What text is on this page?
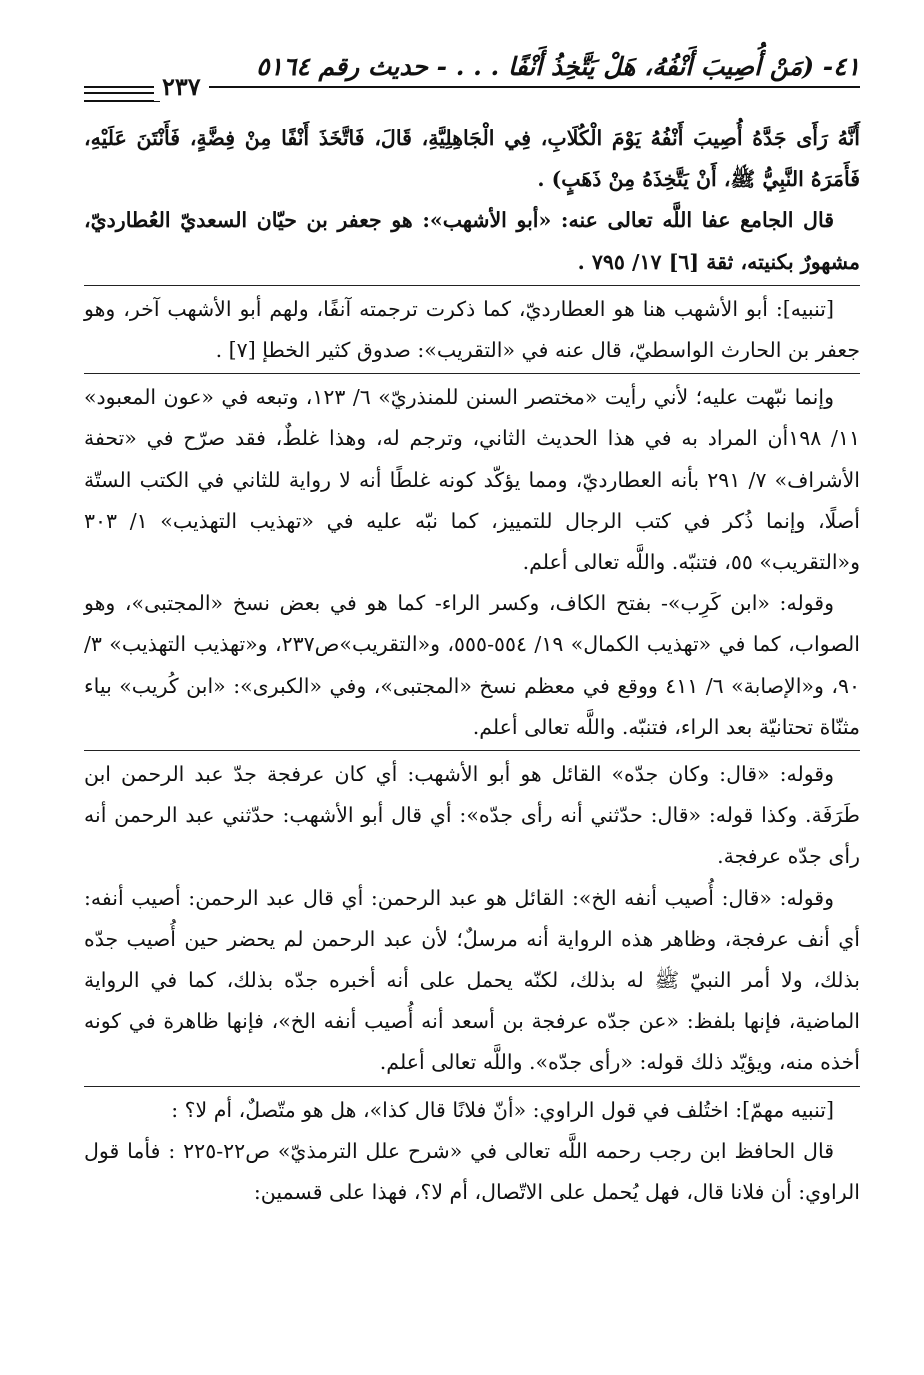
٤١- (مَنْ أُصِيبَ أَنْفُهُ، هَلْ يَتَّخِذُ أَنْفًا . . . - حديث رقم ٥١٦٤
٢٣٧

أَنَّهُ رَأَى جَدَّهُ أُصِيبَ أَنْفُهُ يَوْمَ الْكُلَابِ، فِي الْجَاهِلِيَّةِ، قَالَ، فَاتَّخَذَ أَنْفًا مِنْ فِضَّةٍ، فَأَنْتَنَ عَلَيْهِ، فَأَمَرَهُ النَّبِيُّ ﷺ، أَنْ يَتَّخِذَهُ مِنْ ذَهَبٍ) .

قال الجامع عفا اللَّه تعالى عنه: «أبو الأشهب»: هو جعفر بن حيّان السعديّ العُطارديّ، مشهورٌ بكنيته، ثقة [٦] ١٧/ ٧٩٥ .

[تنبيه]: أبو الأشهب هنا هو العطارديّ، كما ذكرت ترجمته آنفًا، ولهم أبو الأشهب آخر، وهو جعفر بن الحارث الواسطيّ، قال عنه في «التقريب»: صدوق كثير الخطإ [٧] .

وإنما نبّهت عليه؛ لأني رأيت «مختصر السنن للمنذريّ» ٦/ ١٢٣، وتبعه في «عون المعبود» ١١/ ١٩٨أن المراد به في هذا الحديث الثاني، وترجم له، وهذا غلطٌ، فقد صرّح في «تحفة الأشراف» ٧/ ٢٩١ بأنه العطارديّ، ومما يؤكّد كونه غلطًا أنه لا رواية للثاني في الكتب الستّة أصلًا، وإنما ذُكر في كتب الرجال للتمييز، كما نبّه عليه في «تهذيب التهذيب» ١/ ٣٠٣ و«التقريب» ٥٥، فتنبّه. واللَّه تعالى أعلم.

وقوله: «ابن كَرِب»- بفتح الكاف، وكسر الراء- كما هو في بعض نسخ «المجتبى»، وهو الصواب، كما في «تهذيب الكمال» ١٩/ ٥٥٤-٥٥٥، و«التقريب»ص٢٣٧، و«تهذيب التهذيب» ٣/ ٩٠، و«الإصابة» ٦/ ٤١١ ووقع في معظم نسخ «المجتبى»، وفي «الكبرى»: «ابن كُريب» بياء مثنّاة تحتانيّة بعد الراء، فتنبّه. واللَّه تعالى أعلم.

وقوله: «قال: وكان جدّه» القائل هو أبو الأشهب: أي كان عرفجة جدّ عبد الرحمن ابن طَرَفَة. وكذا قوله: «قال: حدّثني أنه رأى جدّه»: أي قال أبو الأشهب: حدّثني عبد الرحمن أنه رأى جدّه عرفجة.

وقوله: «قال: أُصيب أنفه الخ»: القائل هو عبد الرحمن: أي قال عبد الرحمن: أصيب أنفه: أي أنف عرفجة، وظاهر هذه الرواية أنه مرسلٌ؛ لأن عبد الرحمن لم يحضر حين أُصيب جدّه بذلك، ولا أمر النبيّ ﷺ له بذلك، لكنّه يحمل على أنه أخبره جدّه بذلك، كما في الرواية الماضية، فإنها بلفظ: «عن جدّه عرفجة بن أسعد أنه أُصيب أنفه الخ»، فإنها ظاهرة في كونه أخذه منه، ويؤيّد ذلك قوله: «رأى جدّه». واللَّه تعالى أعلم.

[تنبيه مهمّ]: اختُلف في قول الراوي: «أنّ فلانًا قال كذا»، هل هو متّصلٌ، أم لا؟ :

قال الحافظ ابن رجب رحمه اللَّه تعالى في «شرح علل الترمذيّ» ص٢٢-٢٢٥ : فأما قول الراوي: أن فلانا قال، فهل يُحمل على الاتّصال، أم لا؟، فهذا على قسمين:
